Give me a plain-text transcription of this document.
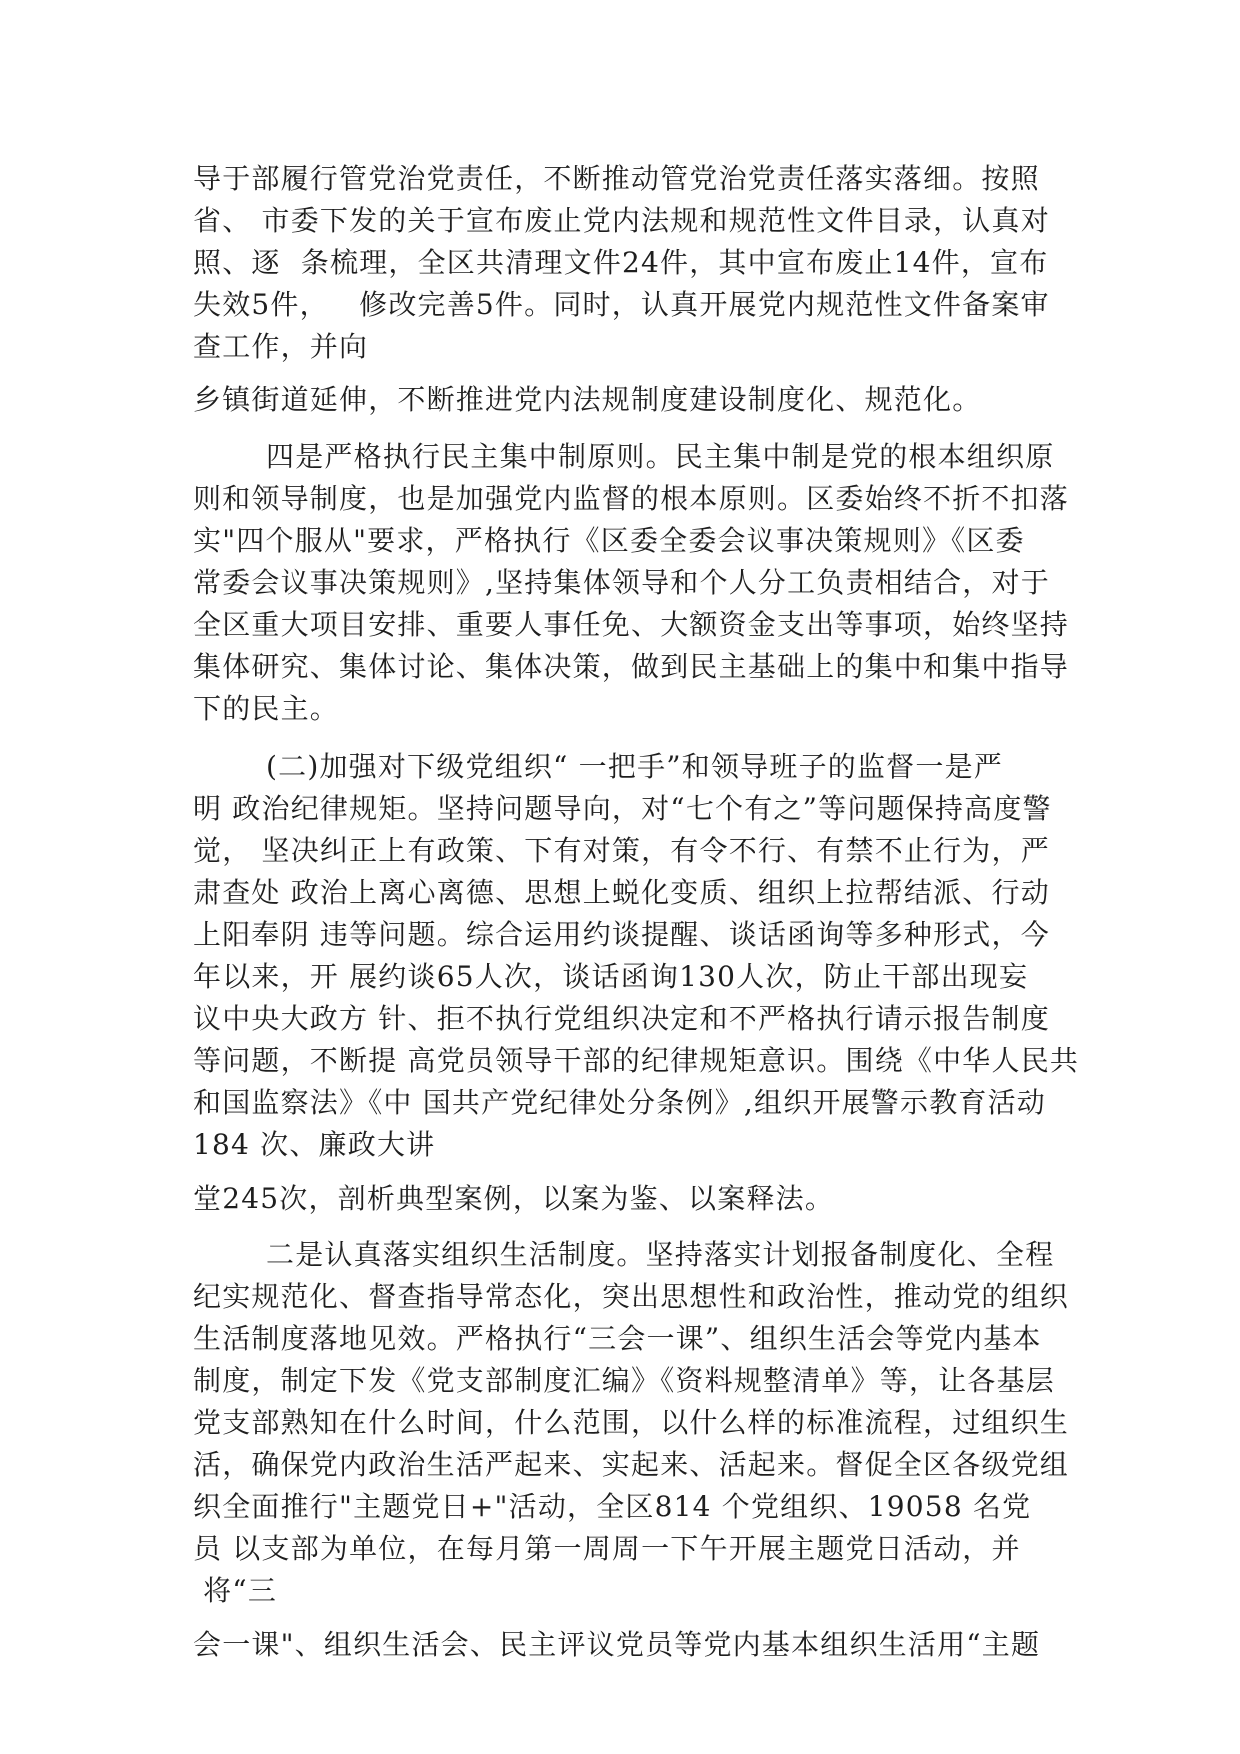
导于部履行管党治党责任，不断推动管党治党责任落实落细。按照
省、 市委下发的关于宣布废止党内法规和规范性文件目录，认真对
照、逐  条梳理，全区共清理文件24件，其中宣布废止14件，宣布
失效5件，   修改完善5件。同时，认真开展党内规范性文件备案审
查工作，并向
乡镇街道延伸，不断推进党内法规制度建设制度化、规范化。
四是严格执行民主集中制原则。民主集中制是党的根本组织原
则和领导制度，也是加强党内监督的根本原则。区委始终不折不扣落
实"四个服从"要求，严格执行《区委全委会议事决策规则》《区委
常委会议事决策规则》,坚持集体领导和个人分工负责相结合，对于
全区重大项目安排、重要人事任免、大额资金支出等事项，始终坚持
集体研究、集体讨论、集体决策，做到民主基础上的集中和集中指导
下的民主。
(二)加强对下级党组织“ 一把手”和领导班子的监督一是严
明 政治纪律规矩。坚持问题导向，对“七个有之”等问题保持高度警
觉， 坚决纠正上有政策、下有对策，有令不行、有禁不止行为，严
肃查处 政治上离心离德、思想上蜕化变质、组织上拉帮结派、行动
上阳奉阴 违等问题。综合运用约谈提醒、谈话函询等多种形式，今
年以来，开 展约谈65人次，谈话函询130人次，防止干部出现妄
议中央大政方 针、拒不执行党组织决定和不严格执行请示报告制度
等问题，不断提 高党员领导干部的纪律规矩意识。围绕《中华人民共
和国监察法》《中 国共产党纪律处分条例》,组织开展警示教育活动
184 次、廉政大讲
堂245次，剖析典型案例，以案为鉴、以案释法。
二是认真落实组织生活制度。坚持落实计划报备制度化、全程
纪实规范化、督查指导常态化，突出思想性和政治性，推动党的组织
生活制度落地见效。严格执行“三会一课”、组织生活会等党内基本
制度，制定下发《党支部制度汇编》《资料规整清单》等，让各基层
党支部熟知在什么时间，什么范围，以什么样的标准流程，过组织生
活，确保党内政治生活严起来、实起来、活起来。督促全区各级党组
织全面推行"主题党日+"活动，全区814 个党组织、19058 名党
员 以支部为单位，在每月第一周周一下午开展主题党日活动，并
将“三
会一课"、组织生活会、民主评议党员等党内基本组织生活用“主题
